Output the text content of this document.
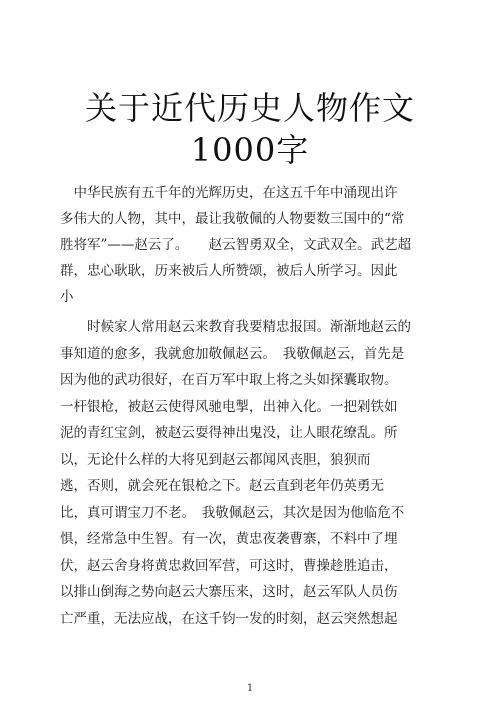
关于近代历史人物作文
1000字
　中华民族有五千年的光辉历史，在这五千年中涌现出许
多伟大的人物，其中，最让我敬佩的人物要数三国中的“常
胜将军”——赵云了。　　赵云智勇双全，文武双全。武艺超
群，忠心耿耿，历来被后人所赞颂，被后人所学习。因此
小
　　时候家人常用赵云来教育我要精忠报国。渐渐地赵云的
事知道的愈多，我就愈加敬佩赵云。　我敬佩赵云，首先是
因为他的武功很好，在百万军中取上将之头如探囊取物。
一杆银枪，被赵云使得风驰电掣，出神入化。一把剁铁如
泥的青红宝剑，被赵云耍得神出鬼没，让人眼花缭乱。所
以，无论什么样的大将见到赵云都闻风丧胆，狼狈而
逃，否则，就会死在银枪之下。赵云直到老年仍英勇无
比，真可谓宝刀不老。　我敬佩赵云，其次是因为他临危不
惧，经常急中生智。有一次，黄忠夜袭曹寨，不料中了埋
伏，赵云舍身将黄忠救回军营，可这时，曹操趁胜追击，
以排山倒海之势向赵云大寨压来，这时，赵云军队人员伤
亡严重，无法应战，在这千钧一发的时刻，赵云突然想起
1
